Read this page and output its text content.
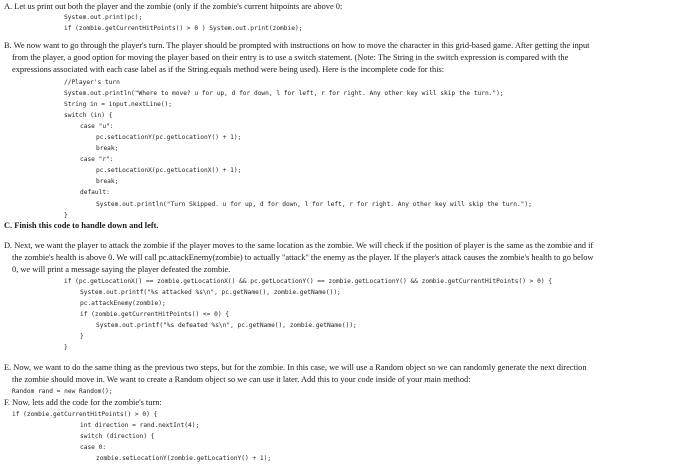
A. Let us print out both the player and the zombie (only if the zombie's current hitpoints are above 0:
System.out.print(pc);
if (zombie.getCurrentHitPoints() > 0 ) System.out.print(zombie);
B. We now want to go through the player's turn. The player should be prompted with instructions on how to move the character in this grid-based game. After getting the input
from the player, a good option for moving the player based on their entry is to use a switch statement. (Note: The String in the switch expression is compared with the
expressions associated with each case label as if the String.equals method were being used). Here is the incomplete code for this:
//Player's turn
System.out.println("Where to move? u for up, d for down, l for left, r for right. Any other key will skip the turn.");
String in = input.nextLine();
switch (in) {
case "u":
pc.setLocationY(pc.getLocationY() + 1);
break;
case "r":
pc.setLocationX(pc.getLocationX() + 1);
break;
default:
System.out.println("Turn Skipped. u for up, d for down, l for left, r for right. Any other key will skip the turn.");
}
C. Finish this code to handle down and left.
D. Next, we want the player to attack the zombie if the player moves to the same location as the zombie. We will check if the position of player is the same as the zombie and if
the zombie's health is above 0. We will call pc.attackEnemy(zombie) to actually "attack" the enemy as the player. If the player's attack causes the zombie's health to go below
0, we will print a message saying the player defeated the zombie.
if (pc.getLocationX() == zombie.getLocationX() && pc.getLocationY() == zombie.getLocationY() && zombie.getCurrentHitPoints() > 0) {
System.out.printf("%s attacked %s\n", pc.getName(), zombie.getName());
pc.attackEnemy(zombie);
if (zombie.getCurrentHitPoints() <= 0) {
System.out.printf("%s defeated %s\n", pc.getName(), zombie.getName());
}
}
E. Now, we want to do the same thing as the previous two steps, but for the zombie. In this case, we will use a Random object so we can randomly generate the next direction
the zombie should move in. We want to create a Random object so we can use it later. Add this to your code inside of your main method:
Random rand = new Random();
F. Now, lets add the code for the zombie's turn:
if (zombie.getCurrentHitPoints() > 0) {
int direction = rand.nextInt(4);
switch (direction) {
case 0:
zombie.setLocationY(zombie.getLocationY() + 1);
